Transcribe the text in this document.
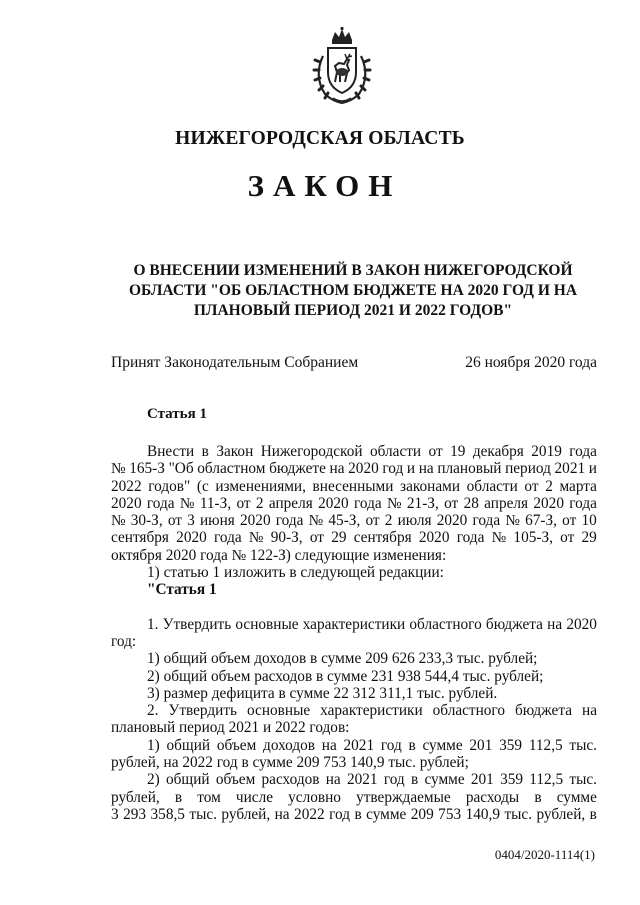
НИЖЕГОРОДСКАЯ ОБЛАСТЬ
ЗАКОН
О ВНЕСЕНИИ ИЗМЕНЕНИЙ В ЗАКОН НИЖЕГОРОДСКОЙ
ОБЛАСТИ "ОБ ОБЛАСТНОМ БЮДЖЕТЕ НА 2020 ГОД И НА
ПЛАНОВЫЙ ПЕРИОД 2021 И 2022 ГОДОВ"
Принят Законодательным Собранием	26 ноября 2020 года
Статья 1
Внести в Закон Нижегородской области от 19 декабря 2019 года
№ 165-З "Об областном бюджете на 2020 год и на плановый период 2021 и
2022 годов" (с изменениями, внесенными законами области от 2 марта
2020 года № 11-З, от 2 апреля 2020 года № 21-З, от 28 апреля 2020 года
№ 30-З, от 3 июня 2020 года № 45-З, от 2 июля 2020 года № 67-З, от 10
сентября 2020 года № 90-З, от 29 сентября 2020 года № 105-З, от 29
октября 2020 года № 122-З) следующие изменения:
1) статью 1 изложить в следующей редакции:
"Статья 1
1. Утвердить основные характеристики областного бюджета на 2020
год:
1) общий объем доходов в сумме 209 626 233,3 тыс. рублей;
2) общий объем расходов в сумме 231 938 544,4 тыс. рублей;
3) размер дефицита в сумме 22 312 311,1 тыс. рублей.
2. Утвердить основные характеристики областного бюджета на
плановый период 2021 и 2022 годов:
1) общий объем доходов на 2021 год в сумме 201 359 112,5 тыс.
рублей, на 2022 год в сумме 209 753 140,9 тыс. рублей;
2) общий объем расходов на 2021 год в сумме 201 359 112,5 тыс.
рублей, в том числе условно утверждаемые расходы в сумме
3 293 358,5 тыс. рублей, на 2022 год в сумме 209 753 140,9 тыс. рублей, в
0404/2020-1114(1)
